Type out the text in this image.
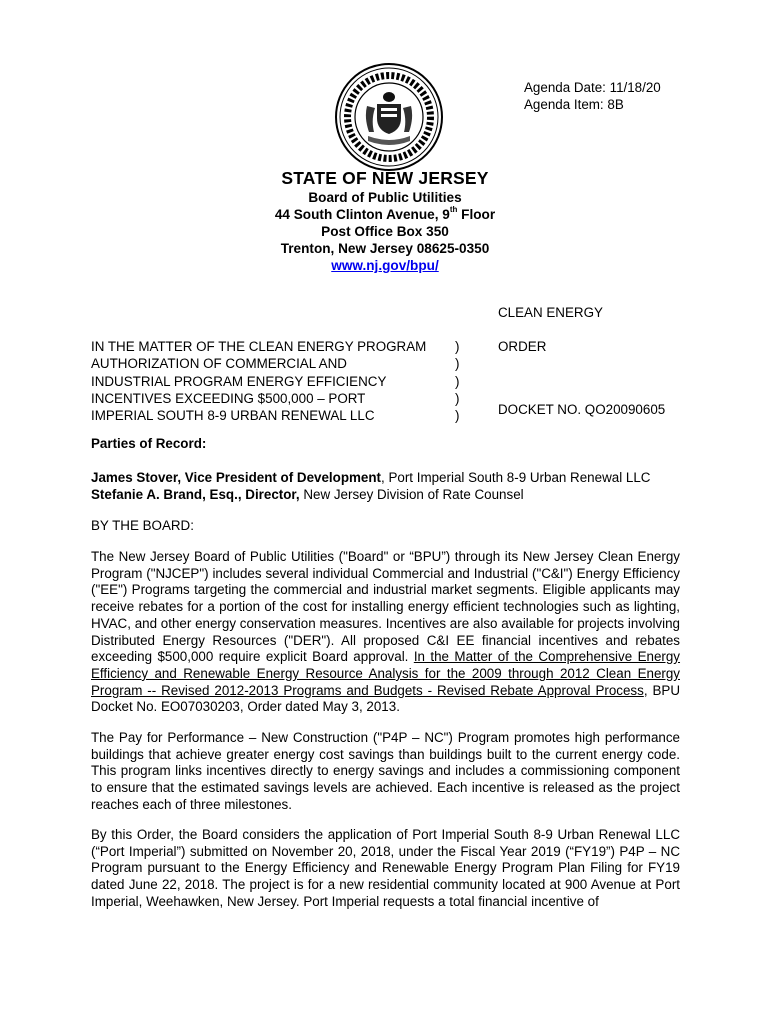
Agenda Date: 11/18/20
Agenda Item: 8B
STATE OF NEW JERSEY
Board of Public Utilities
44 South Clinton Avenue, 9th Floor
Post Office Box 350
Trenton, New Jersey 08625-0350
www.nj.gov/bpu/
CLEAN ENERGY
IN THE MATTER OF THE CLEAN ENERGY PROGRAM
AUTHORIZATION OF COMMERCIAL AND
INDUSTRIAL PROGRAM ENERGY EFFICIENCY
INCENTIVES EXCEEDING $500,000 – PORT
IMPERIAL SOUTH 8-9 URBAN RENEWAL LLC
)
)
)
)
)
ORDER
DOCKET NO. QO20090605
Parties of Record:
James Stover, Vice President of Development, Port Imperial South 8-9 Urban Renewal LLC
Stefanie A. Brand, Esq., Director, New Jersey Division of Rate Counsel
BY THE BOARD:

The New Jersey Board of Public Utilities ("Board" or “BPU”) through its New Jersey Clean Energy Program ("NJCEP") includes several individual Commercial and Industrial ("C&I") Energy Efficiency ("EE") Programs targeting the commercial and industrial market segments. Eligible applicants may receive rebates for a portion of the cost for installing energy efficient technologies such as lighting, HVAC, and other energy conservation measures. Incentives are also available for projects involving Distributed Energy Resources ("DER"). All proposed C&I EE financial incentives and rebates exceeding $500,000 require explicit Board approval. In the Matter of the Comprehensive Energy Efficiency and Renewable Energy Resource Analysis for the 2009 through 2012 Clean Energy Program -- Revised 2012-2013 Programs and Budgets - Revised Rebate Approval Process, BPU Docket No. EO07030203, Order dated May 3, 2013.

The Pay for Performance – New Construction ("P4P – NC") Program promotes high performance buildings that achieve greater energy cost savings than buildings built to the current energy code. This program links incentives directly to energy savings and includes a commissioning component to ensure that the estimated savings levels are achieved. Each incentive is released as the project reaches each of three milestones.

By this Order, the Board considers the application of Port Imperial South 8-9 Urban Renewal LLC (“Port Imperial”) submitted on November 20, 2018, under the Fiscal Year 2019 (“FY19”) P4P – NC Program pursuant to the Energy Efficiency and Renewable Energy Program Plan Filing for FY19 dated June 22, 2018. The project is for a new residential community located at 900 Avenue at Port Imperial, Weehawken, New Jersey. Port Imperial requests a total financial incentive of
